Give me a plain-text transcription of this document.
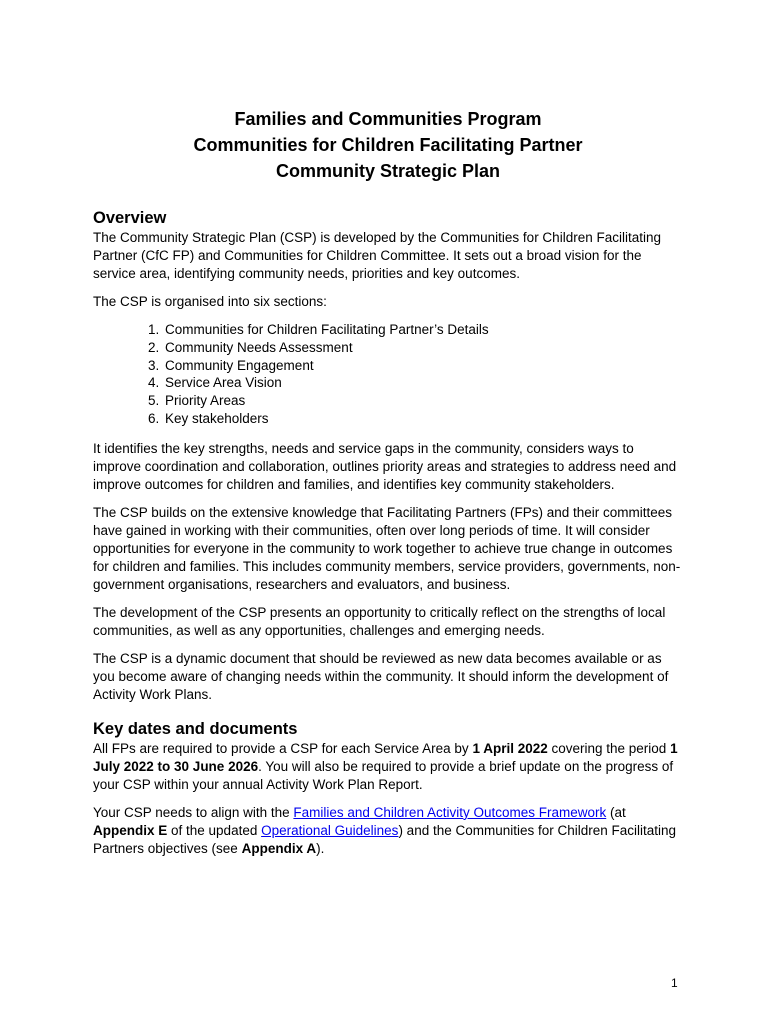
Families and Communities Program
Communities for Children Facilitating Partner
Community Strategic Plan
Overview

The Community Strategic Plan (CSP) is developed by the Communities for Children Facilitating Partner (CfC FP) and Communities for Children Committee. It sets out a broad vision for the service area, identifying community needs, priorities and key outcomes.

The CSP is organised into six sections:

1. Communities for Children Facilitating Partner’s Details
2. Community Needs Assessment
3. Community Engagement
4. Service Area Vision
5. Priority Areas
6. Key stakeholders

It identifies the key strengths, needs and service gaps in the community, considers ways to improve coordination and collaboration, outlines priority areas and strategies to address need and improve outcomes for children and families, and identifies key community stakeholders.

The CSP builds on the extensive knowledge that Facilitating Partners (FPs) and their committees have gained in working with their communities, often over long periods of time. It will consider opportunities for everyone in the community to work together to achieve true change in outcomes for children and families. This includes community members, service providers, governments, non-government organisations, researchers and evaluators, and business.

The development of the CSP presents an opportunity to critically reflect on the strengths of local communities, as well as any opportunities, challenges and emerging needs.

The CSP is a dynamic document that should be reviewed as new data becomes available or as you become aware of changing needs within the community. It should inform the development of Activity Work Plans.

Key dates and documents

All FPs are required to provide a CSP for each Service Area by 1 April 2022 covering the period 1 July 2022 to 30 June 2026. You will also be required to provide a brief update on the progress of your CSP within your annual Activity Work Plan Report.

Your CSP needs to align with the Families and Children Activity Outcomes Framework (at Appendix E of the updated Operational Guidelines) and the Communities for Children Facilitating Partners objectives (see Appendix A).

1
